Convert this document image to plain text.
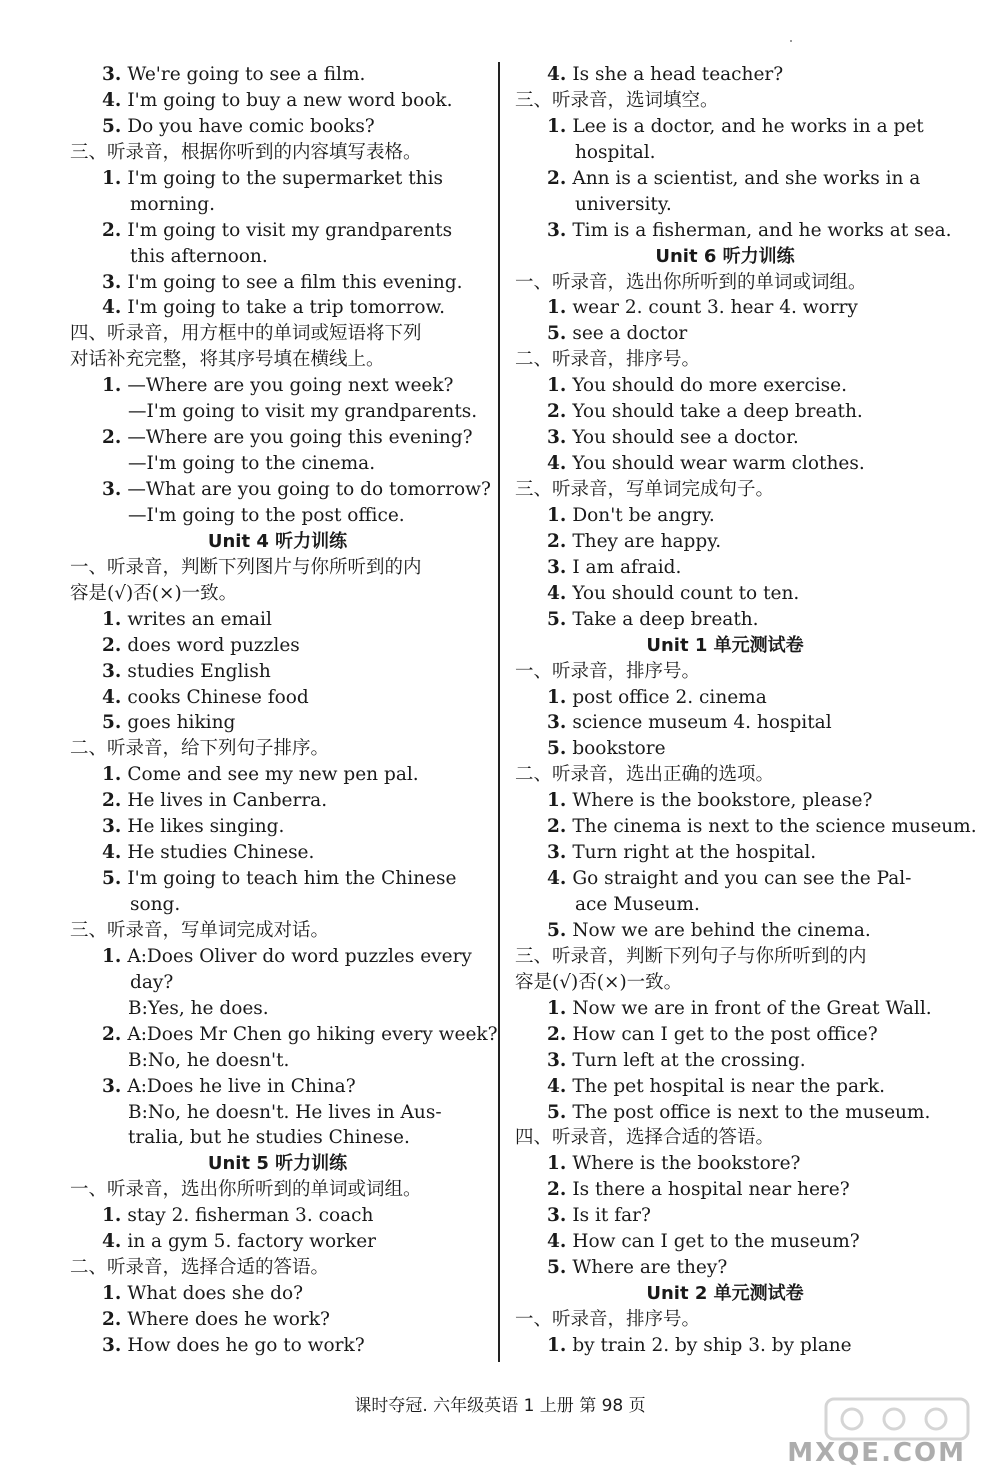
3. We're going to see a film.
4. I'm going to buy a new word book.
5. Do you have comic books?
三、听录音，根据你听到的内容填写表格。
1. I'm going to the supermarket this
morning.
2. I'm going to visit my grandparents
this afternoon.
3. I'm going to see a film this evening.
4. I'm going to take a trip tomorrow.
四、听录音，用方框中的单词或短语将下列
对话补充完整，将其序号填在横线上。
1. —Where are you going next week?
—I'm going to visit my grandparents.
2. —Where are you going this evening?
—I'm going to the cinema.
3. —What are you going to do tomorrow?
—I'm going to the post office.
Unit 4 听力训练
一、听录音，判断下列图片与你所听到的内
容是(√)否(×)一致。
1. writes an email
2. does word puzzles
3. studies English
4. cooks Chinese food
5. goes hiking
二、听录音，给下列句子排序。
1. Come and see my new pen pal.
2. He lives in Canberra.
3. He likes singing.
4. He studies Chinese.
5. I'm going to teach him the Chinese
song.
三、听录音，写单词完成对话。
1. A:Does Oliver do word puzzles every
day?
B:Yes, he does.
2. A:Does Mr Chen go hiking every week?
B:No, he doesn't.
3. A:Does he live in China?
B:No, he doesn't. He lives in Aus-
tralia, but he studies Chinese.
Unit 5 听力训练
一、听录音，选出你所听到的单词或词组。
1. stay 2. fisherman 3. coach
4. in a gym 5. factory worker
二、听录音，选择合适的答语。
1. What does she do?
2. Where does he work?
3. How does he go to work?
4. Is she a head teacher?
三、听录音，选词填空。
1. Lee is a doctor, and he works in a pet
hospital.
2. Ann is a scientist, and she works in a
university.
3. Tim is a fisherman, and he works at sea.
Unit 6 听力训练
一、听录音，选出你所听到的单词或词组。
1. wear 2. count 3. hear 4. worry
5. see a doctor
二、听录音，排序号。
1. You should do more exercise.
2. You should take a deep breath.
3. You should see a doctor.
4. You should wear warm clothes.
三、听录音，写单词完成句子。
1. Don't be angry.
2. They are happy.
3. I am afraid.
4. You should count to ten.
5. Take a deep breath.
Unit 1 单元测试卷
一、听录音，排序号。
1. post office 2. cinema
3. science museum 4. hospital
5. bookstore
二、听录音，选出正确的选项。
1. Where is the bookstore, please?
2. The cinema is next to the science museum.
3. Turn right at the hospital.
4. Go straight and you can see the Pal-
ace Museum.
5. Now we are behind the cinema.
三、听录音，判断下列句子与你所听到的内
容是(√)否(×)一致。
1. Now we are in front of the Great Wall.
2. How can I get to the post office?
3. Turn left at the crossing.
4. The pet hospital is near the park.
5. The post office is next to the museum.
四、听录音，选择合适的答语。
1. Where is the bookstore?
2. Is there a hospital near here?
3. Is it far?
4. How can I get to the museum?
5. Where are they?
Unit 2 单元测试卷
一、听录音，排序号。
1. by train 2. by ship 3. by plane
课时夺冠. 六年级英语 1 上册 第 98 页
MXQE.COM
